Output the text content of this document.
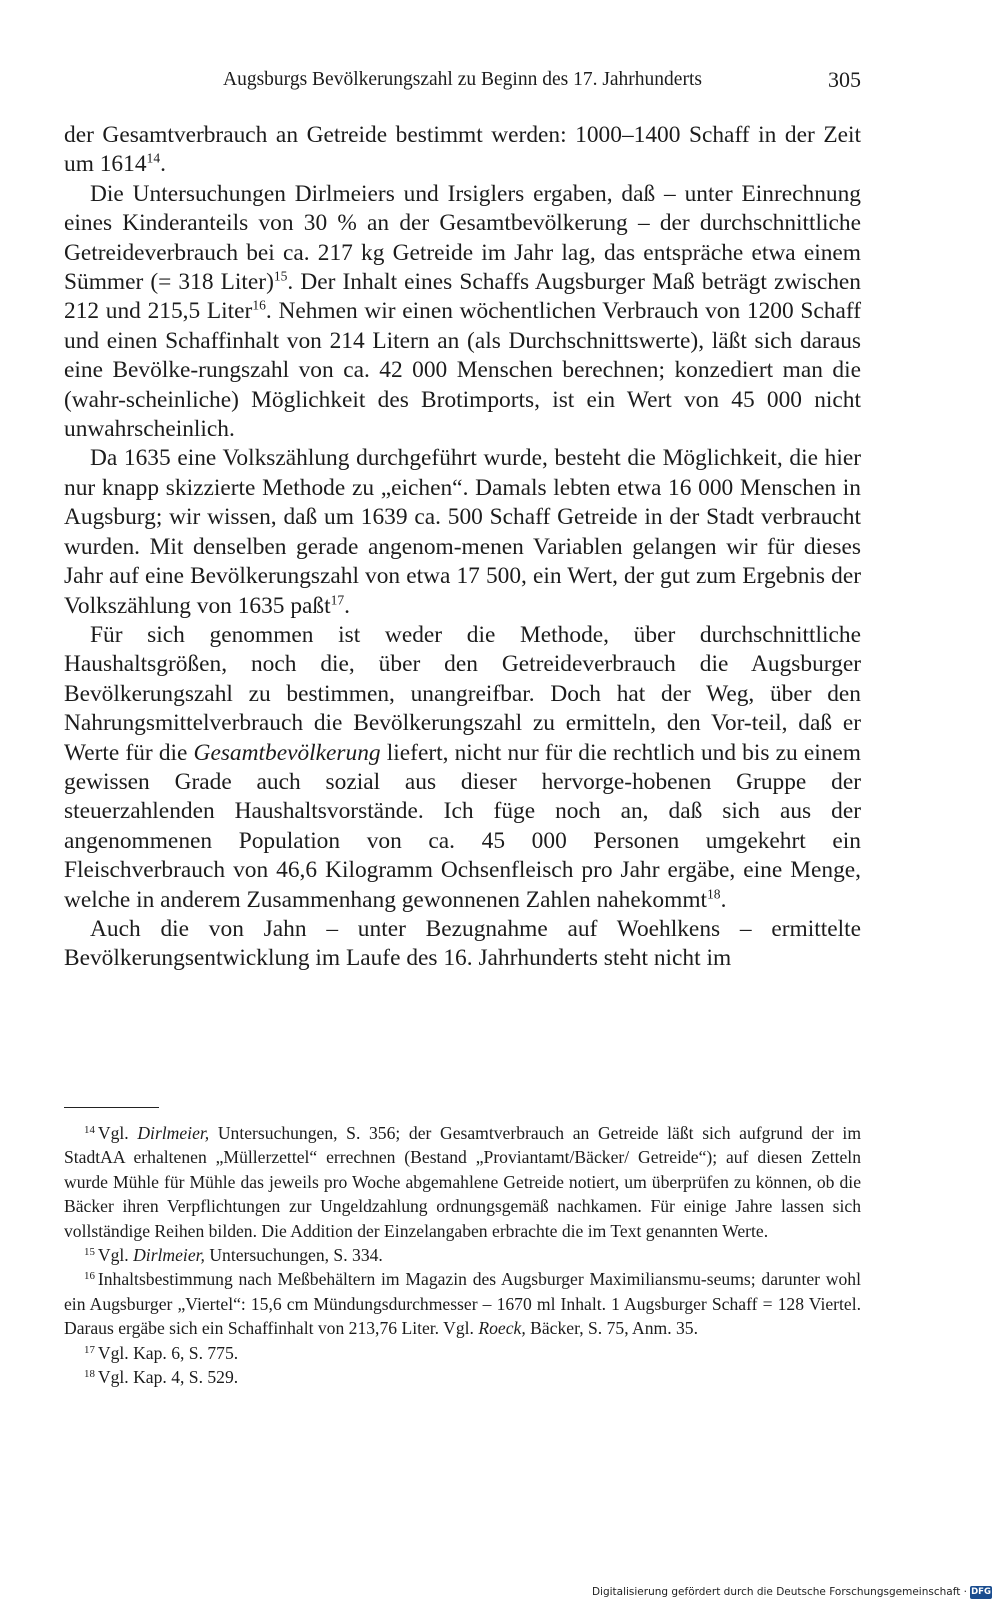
Augsburgs Bevölkerungszahl zu Beginn des 17. Jahrhunderts	305

der Gesamtverbrauch an Getreide bestimmt werden: 1000–1400 Schaff in der Zeit um 1614$^{14}$.

Die Untersuchungen Dirlmeiers und Irsiglers ergaben, daß – unter Einrechnung eines Kinderanteils von 30 % an der Gesamtbevölkerung – der durchschnittliche Getreideverbrauch bei ca. 217 kg Getreide im Jahr lag, das entspräche etwa einem Sümmer (= 318 Liter)$^{15}$. Der Inhalt eines Schaffs Augsburger Maß beträgt zwischen 212 und 215,5 Liter$^{16}$. Nehmen wir einen wöchentlichen Verbrauch von 1200 Schaff und einen Schaffinhalt von 214 Litern an (als Durchschnittswerte), läßt sich daraus eine Bevölke-rungszahl von ca. 42 000 Menschen berechnen; konzediert man die (wahr-scheinliche) Möglichkeit des Brotimports, ist ein Wert von 45 000 nicht unwahrscheinlich.

Da 1635 eine Volkszählung durchgeführt wurde, besteht die Möglichkeit, die hier nur knapp skizzierte Methode zu „eichen“. Damals lebten etwa 16 000 Menschen in Augsburg; wir wissen, daß um 1639 ca. 500 Schaff Getreide in der Stadt verbraucht wurden. Mit denselben gerade angenom-menen Variablen gelangen wir für dieses Jahr auf eine Bevölkerungszahl von etwa 17 500, ein Wert, der gut zum Ergebnis der Volkszählung von 1635 paßt$^{17}$.

Für sich genommen ist weder die Methode, über durchschnittliche Haushaltsgrößen, noch die, über den Getreideverbrauch die Augsburger Bevölkerungszahl zu bestimmen, unangreifbar. Doch hat der Weg, über den Nahrungsmittelverbrauch die Bevölkerungszahl zu ermitteln, den Vor-teil, daß er Werte für die Gesamtbevölkerung liefert, nicht nur für die rechtlich und bis zu einem gewissen Grade auch sozial aus dieser hervorge-hobenen Gruppe der steuerzahlenden Haushaltsvorstände. Ich füge noch an, daß sich aus der angenommenen Population von ca. 45 000 Personen umgekehrt ein Fleischverbrauch von 46,6 Kilogramm Ochsenfleisch pro Jahr ergäbe, eine Menge, welche in anderem Zusammenhang gewonnenen Zahlen nahekommt$^{18}$.

Auch die von Jahn – unter Bezugnahme auf Woehlkens – ermittelte Bevölkerungsentwicklung im Laufe des 16. Jahrhunderts steht nicht im

$^{14}$ Vgl. Dirlmeier, Untersuchungen, S. 356; der Gesamtverbrauch an Getreide läßt sich aufgrund der im StadtAA erhaltenen „Müllerzettel“ errechnen (Bestand „Proviantamt/Bäcker/ Getreide“); auf diesen Zetteln wurde Mühle für Mühle das jeweils pro Woche abgemahlene Getreide notiert, um überprüfen zu können, ob die Bäcker ihren Verpflichtungen zur Ungeldzahlung ordnungsgemäß nachkamen. Für einige Jahre lassen sich vollständige Reihen bilden. Die Addition der Einzelangaben erbrachte die im Text genannten Werte.

$^{15}$ Vgl. Dirlmeier, Untersuchungen, S. 334.

$^{16}$ Inhaltsbestimmung nach Meßbehältern im Magazin des Augsburger Maximiliansmu-seums; darunter wohl ein Augsburger „Viertel“: 15,6 cm Mündungsdurchmesser – 1670 ml Inhalt. 1 Augsburger Schaff = 128 Viertel. Daraus ergäbe sich ein Schaffinhalt von 213,76 Liter. Vgl. Roeck, Bäcker, S. 75, Anm. 35.

$^{17}$ Vgl. Kap. 6, S. 775.

$^{18}$ Vgl. Kap. 4, S. 529.

Digitalisierung gefördert durch die Deutsche Forschungsgemeinschaft · DFG
